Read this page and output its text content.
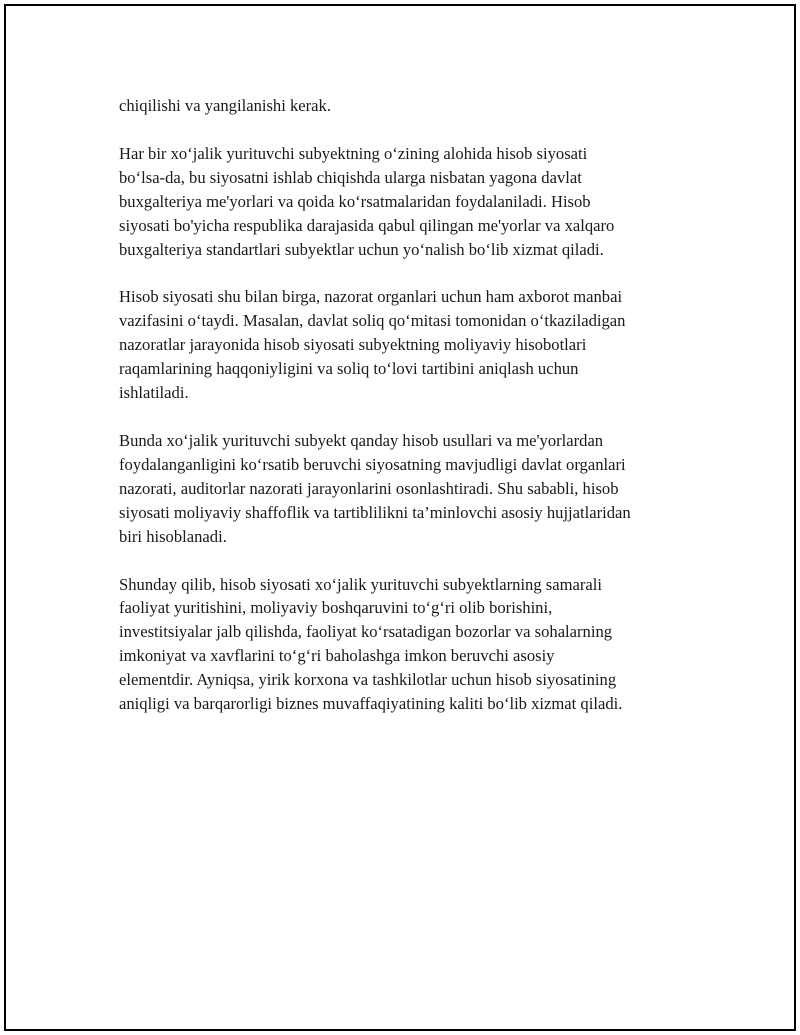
chiqilishi va yangilanishi kerak.

Har bir xo‘jalik yurituvchi subyektning o‘zining alohida hisob siyosati
bo‘lsa-da, bu siyosatni ishlab chiqishda ularga nisbatan yagona davlat
buxgalteriya me'yorlari va qoida ko‘rsatmalaridan foydalaniladi. Hisob
siyosati bo'yicha respublika darajasida qabul qilingan me'yorlar va xalqaro
buxgalteriya standartlari subyektlar uchun yo‘nalish bo‘lib xizmat qiladi.

Hisob siyosati shu bilan birga, nazorat organlari uchun ham axborot manbai
vazifasini o‘taydi. Masalan, davlat soliq qo‘mitasi tomonidan o‘tkaziladigan
nazoratlar jarayonida hisob siyosati subyektning moliyaviy hisobotlari
raqamlarining haqqoniyligini va soliq to‘lovi tartibini aniqlash uchun
ishlatiladi.

Bunda xo‘jalik yurituvchi subyekt qanday hisob usullari va me'yorlardan
foydalanganligini ko‘rsatib beruvchi siyosatning mavjudligi davlat organlari
nazorati, auditorlar nazorati jarayonlarini osonlashtiradi. Shu sababli, hisob
siyosati moliyaviy shaffoflik va tartiblilikni ta’minlovchi asosiy hujjatlaridan
biri hisoblanadi.

Shunday qilib, hisob siyosati xo‘jalik yurituvchi subyektlarning samarali
faoliyat yuritishini, moliyaviy boshqaruvini to‘g‘ri olib borishini,
investitsiyalar jalb qilishda, faoliyat ko‘rsatadigan bozorlar va sohalarning
imkoniyat va xavflarini to‘g‘ri baholashga imkon beruvchi asosiy
elementdir. Ayniqsa, yirik korxona va tashkilotlar uchun hisob siyosatining
aniqligi va barqarorligi biznes muvaffaqiyatining kaliti bo‘lib xizmat qiladi.
